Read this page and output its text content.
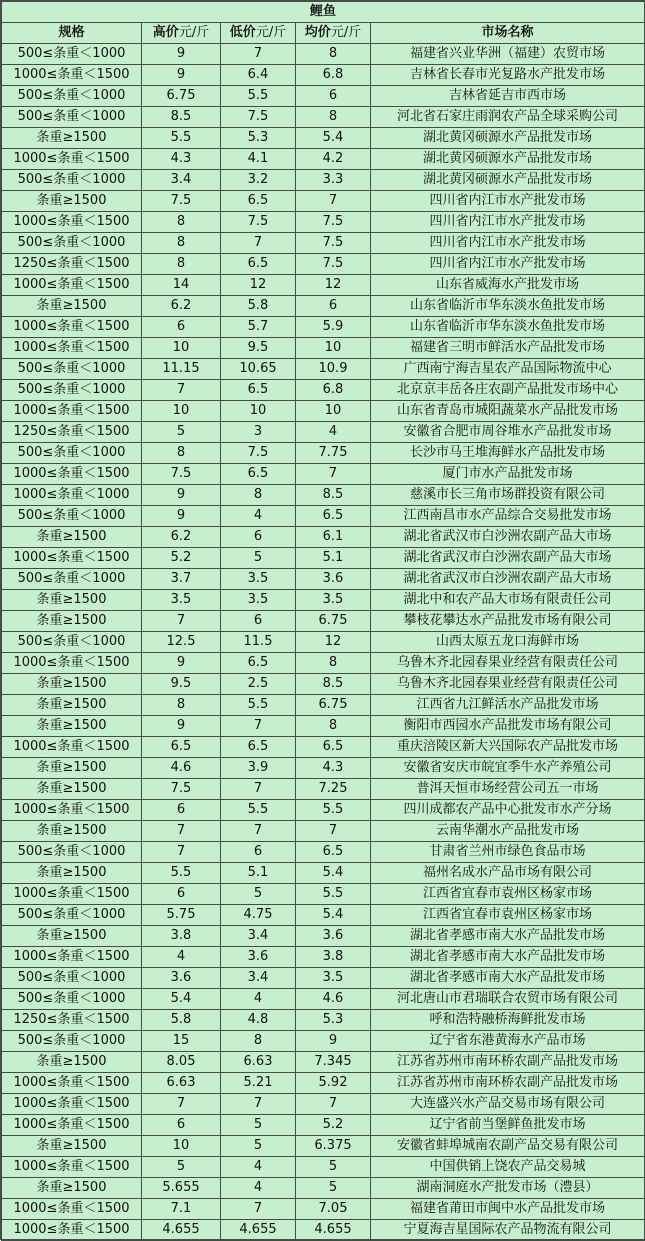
鲤鱼				
规格	高价元/斤	低价元/斤	均价元/斤	市场名称
500≤条重＜1000	9	7	8	福建省兴业华洲（福建）农贸市场
1000≤条重＜1500	9	6.4	6.8	吉林省长春市光复路水产批发市场
500≤条重＜1000	6.75	5.5	6	吉林省延吉市西市场
500≤条重＜1000	8.5	7.5	8	河北省石家庄雨润农产品全球采购公司
条重≥1500	5.5	5.3	5.4	湖北黄冈硕源水产品批发市场
1000≤条重＜1500	4.3	4.1	4.2	湖北黄冈硕源水产品批发市场
500≤条重＜1000	3.4	3.2	3.3	湖北黄冈硕源水产品批发市场
条重≥1500	7.5	6.5	7	四川省内江市水产批发市场
1000≤条重＜1500	8	7.5	7.5	四川省内江市水产批发市场
500≤条重＜1000	8	7	7.5	四川省内江市水产批发市场
1250≤条重＜1500	8	6.5	7.5	四川省内江市水产批发市场
1000≤条重＜1500	14	12	12	山东省威海水产批发市场
条重≥1500	6.2	5.8	6	山东省临沂市华东淡水鱼批发市场
1000≤条重＜1500	6	5.7	5.9	山东省临沂市华东淡水鱼批发市场
1000≤条重＜1500	10	9.5	10	福建省三明市鲜活水产品批发市场
500≤条重＜1000	11.15	10.65	10.9	广西南宁海吉星农产品国际物流中心
500≤条重＜1000	7	6.5	6.8	北京京丰岳各庄农副产品批发市场中心
1000≤条重＜1500	10	10	10	山东省青岛市城阳蔬菜水产品批发市场
1250≤条重＜1500	5	3	4	安徽省合肥市周谷堆水产品批发市场
500≤条重＜1000	8	7.5	7.75	长沙市马王堆海鲜水产品批发市场
1000≤条重＜1500	7.5	6.5	7	厦门市水产品批发市场
1000≤条重＜1000	9	8	8.5	慈溪市长三角市场群投资有限公司
500≤条重＜1000	9	4	6.5	江西南昌市水产品综合交易批发市场
条重≥1500	6.2	6	6.1	湖北省武汉市白沙洲农副产品大市场
1000≤条重＜1500	5.2	5	5.1	湖北省武汉市白沙洲农副产品大市场
500≤条重＜1000	3.7	3.5	3.6	湖北省武汉市白沙洲农副产品大市场
条重≥1500	3.5	3.5	3.5	湖北中和农产品大市场有限责任公司
条重≥1500	7	6	6.75	攀枝花攀达水产品批发市场有限公司
500≤条重＜1000	12.5	11.5	12	山西太原五龙口海鲜市场
1000≤条重＜1500	9	6.5	8	乌鲁木齐北园春果业经营有限责任公司
条重≥1500	9.5	2.5	8.5	乌鲁木齐北园春果业经营有限责任公司
条重≥1500	8	5.5	6.75	江西省九江鲜活水产品批发市场
条重≥1500	9	7	8	衡阳市西园水产品批发市场有限公司
1000≤条重＜1500	6.5	6.5	6.5	重庆涪陵区新大兴国际农产品批发市场
条重≥1500	4.6	3.9	4.3	安徽省安庆市皖宜季牛水产养殖公司
条重≥1500	7.5	7	7.25	普洱天恒市场经营公司五一市场
1000≤条重＜1500	6	5.5	5.5	四川成都农产品中心批发市水产分场
条重≥1500	7	7	7	云南华潮水产品批发市场
500≤条重＜1000	7	6	6.5	甘肃省兰州市绿色食品市场
条重≥1500	5.5	5.1	5.4	福州名成水产品市场有限公司
1000≤条重＜1500	6	5	5.5	江西省宜春市袁州区杨家市场
500≤条重＜1000	5.75	4.75	5.4	江西省宜春市袁州区杨家市场
条重≥1500	3.8	3.4	3.6	湖北省孝感市南大水产品批发市场
1000≤条重＜1500	4	3.6	3.8	湖北省孝感市南大水产品批发市场
500≤条重＜1000	3.6	3.4	3.5	湖北省孝感市南大水产品批发市场
500≤条重＜1000	5.4	4	4.6	河北唐山市君瑞联合农贸市场有限公司
1250≤条重＜1500	5.8	4.8	5.3	呼和浩特融桥海鲜批发市场
500≤条重＜1000	15	8	9	辽宁省东港黄海水产品市场
条重≥1500	8.05	6.63	7.345	江苏省苏州市南环桥农副产品批发市场
1000≤条重＜1500	6.63	5.21	5.92	江苏省苏州市南环桥农副产品批发市场
1000≤条重＜1500	7	7	7	大连盛兴水产品交易市场有限公司
1000≤条重＜1500	6	5	5.2	辽宁省前当堡鲜鱼批发市场
条重≥1500	10	5	6.375	安徽省蚌埠城南农副产品交易有限公司
1000≤条重＜1500	5	4	5	中国供销上饶农产品交易城
条重≥1500	5.655	4	5	湖南洞庭水产批发市场（澧县）
1000≤条重＜1500	7.1	7	7.05	福建省莆田市闽中水产品批发市场
1000≤条重＜1500	4.655	4.655	4.655	宁夏海吉星国际农产品物流有限公司
